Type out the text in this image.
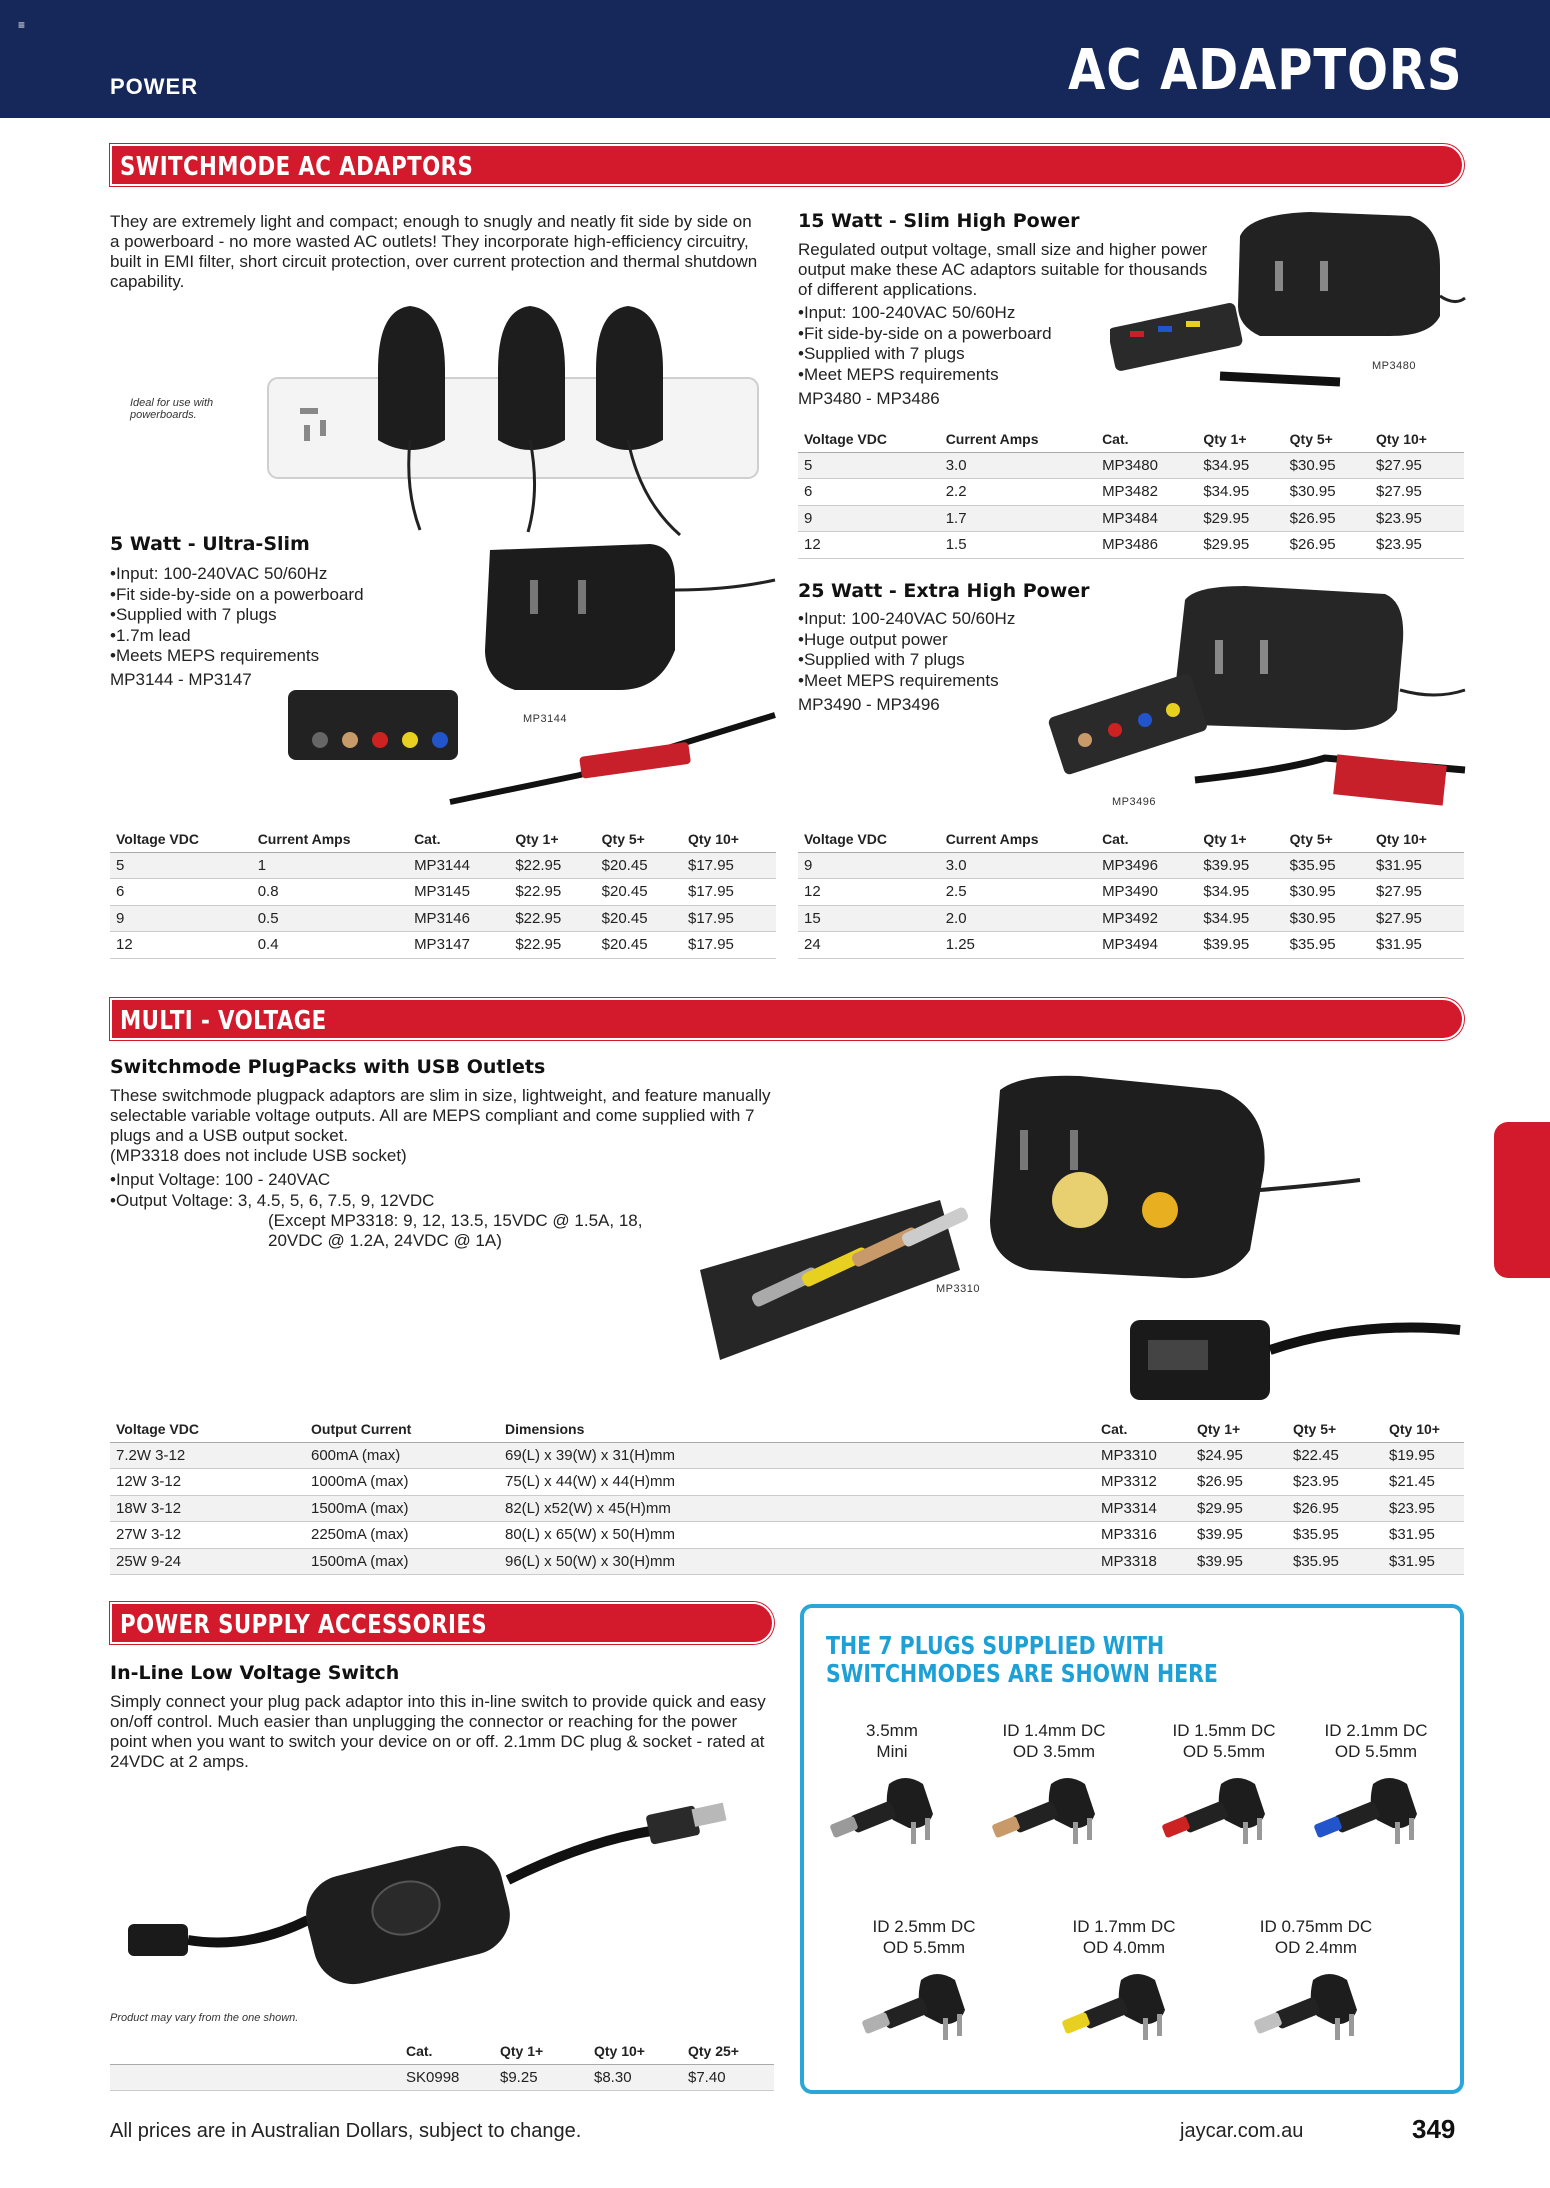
≡
POWER	AC ADAPTORS
SWITCHMODE AC ADAPTORS
They are extremely light and compact; enough to snugly and neatly fit side by side on a powerboard - no more wasted AC outlets! They incorporate high-efficiency circuitry, built in EMI filter, short circuit protection, over current protection and thermal shutdown capability.
Ideal for use with powerboards.
5 Watt - Ultra-Slim
• Input: 100-240VAC 50/60Hz
• Fit side-by-side on a powerboard
• Supplied with 7 plugs
• 1.7m lead
• Meets MEPS requirements
MP3144 - MP3147
MP3144
Voltage VDC	Current Amps	Cat.	Qty 1+	Qty 5+	Qty 10+
5	1	MP3144	$22.95	$20.45	$17.95
6	0.8	MP3145	$22.95	$20.45	$17.95
9	0.5	MP3146	$22.95	$20.45	$17.95
12	0.4	MP3147	$22.95	$20.45	$17.95
15 Watt - Slim High Power
Regulated output voltage, small size and higher power output make these AC adaptors suitable for thousands of different applications.
• Input: 100-240VAC 50/60Hz
• Fit side-by-side on a powerboard
• Supplied with 7 plugs
• Meet MEPS requirements
MP3480 - MP3486
MP3480
Voltage VDC	Current Amps	Cat.	Qty 1+	Qty 5+	Qty 10+
5	3.0	MP3480	$34.95	$30.95	$27.95
6	2.2	MP3482	$34.95	$30.95	$27.95
9	1.7	MP3484	$29.95	$26.95	$23.95
12	1.5	MP3486	$29.95	$26.95	$23.95
25 Watt - Extra High Power
• Input: 100-240VAC 50/60Hz
• Huge output power
• Supplied with 7 plugs
• Meet MEPS requirements
MP3490 - MP3496
MP3496
Voltage VDC	Current Amps	Cat.	Qty 1+	Qty 5+	Qty 10+
9	3.0	MP3496	$39.95	$35.95	$31.95
12	2.5	MP3490	$34.95	$30.95	$27.95
15	2.0	MP3492	$34.95	$30.95	$27.95
24	1.25	MP3494	$39.95	$35.95	$31.95
MULTI - VOLTAGE
Switchmode PlugPacks with USB Outlets
These switchmode plugpack adaptors are slim in size, lightweight, and feature manually selectable variable voltage outputs. All are MEPS compliant and come supplied with 7 plugs and a USB output socket.
(MP3318 does not include USB socket)
• Input Voltage: 100 - 240VAC
• Output Voltage: 3, 4.5, 5, 6, 7.5, 9, 12VDC
(Except MP3318: 9, 12, 13.5, 15VDC @ 1.5A, 18,
20VDC @ 1.2A, 24VDC @ 1A)
MP3310
Voltage VDC	Output Current	Dimensions	Cat.	Qty 1+	Qty 5+	Qty 10+
7.2W 3-12	600mA (max)	69(L) x 39(W) x 31(H)mm	MP3310	$24.95	$22.45	$19.95
12W 3-12	1000mA (max)	75(L) x 44(W) x 44(H)mm	MP3312	$26.95	$23.95	$21.45
18W 3-12	1500mA (max)	82(L) x52(W) x 45(H)mm	MP3314	$29.95	$26.95	$23.95
27W 3-12	2250mA (max)	80(L) x 65(W) x 50(H)mm	MP3316	$39.95	$35.95	$31.95
25W 9-24	1500mA (max)	96(L) x 50(W) x 30(H)mm	MP3318	$39.95	$35.95	$31.95
POWER SUPPLY ACCESSORIES
In-Line Low Voltage Switch
Simply connect your plug pack adaptor into this in-line switch to provide quick and easy on/off control. Much easier than unplugging the connector or reaching for the power point when you want to switch your device on or off. 2.1mm DC plug & socket - rated at 24VDC at 2 amps.
Product may vary from the one shown.
	Cat.	Qty 1+	Qty 10+	Qty 25+
	SK0998	$9.25	$8.30	$7.40
THE 7 PLUGS SUPPLIED WITH
SWITCHMODES ARE SHOWN HERE
3.5mm
Mini
ID 1.4mm DC
OD 3.5mm
ID 1.5mm DC
OD 5.5mm
ID 2.1mm DC
OD 5.5mm
ID 2.5mm DC
OD 5.5mm
ID 1.7mm DC
OD 4.0mm
ID 0.75mm DC
OD 2.4mm
All prices are in Australian Dollars, subject to change.	jaycar.com.au	349
